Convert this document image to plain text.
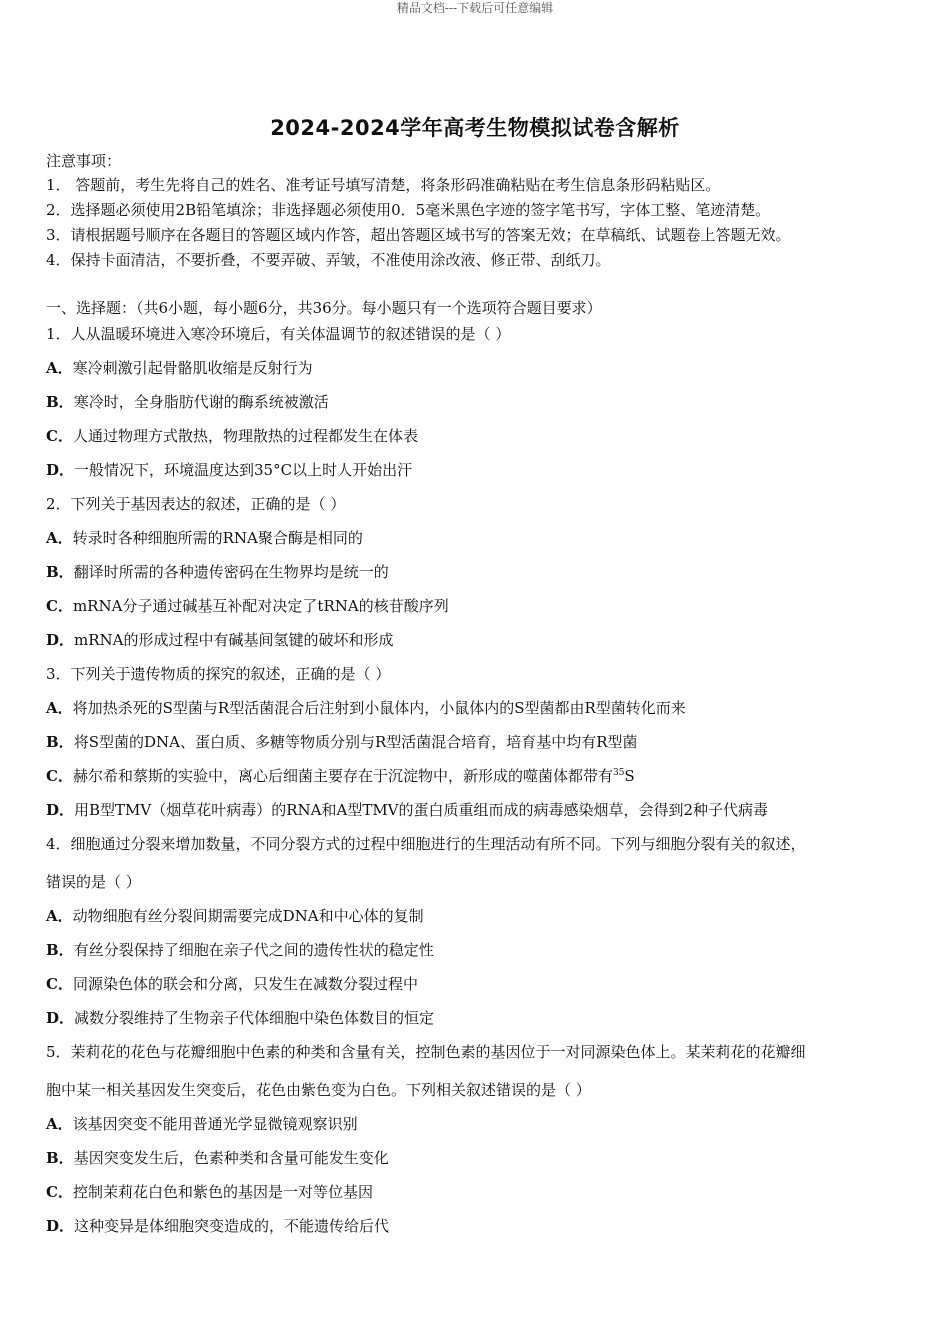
精品文档---下载后可任意编辑
2024-2024学年高考生物模拟试卷含解析
注意事项：
1． 答题前，考生先将自己的姓名、准考证号填写清楚，将条形码准确粘贴在考生信息条形码粘贴区。
2．选择题必须使用2B铅笔填涂；非选择题必须使用0．5毫米黑色字迹的签字笔书写，字体工整、笔迹清楚。
3．请根据题号顺序在各题目的答题区域内作答，超出答题区域书写的答案无效；在草稿纸、试题卷上答题无效。
4．保持卡面清洁，不要折叠，不要弄破、弄皱，不准使用涂改液、修正带、刮纸刀。
一、选择题：（共6小题，每小题6分，共36分。每小题只有一个选项符合题目要求）
1．人从温暖环境进入寒冷环境后，有关体温调节的叙述错误的是（ ）
A．寒冷刺激引起骨骼肌收缩是反射行为
B．寒冷时，全身脂肪代谢的酶系统被激活
C．人通过物理方式散热，物理散热的过程都发生在体表
D．一般情况下，环境温度达到35°C以上时人开始出汗
2．下列关于基因表达的叙述，正确的是（ ）
A．转录时各种细胞所需的RNA聚合酶是相同的
B．翻译时所需的各种遗传密码在生物界均是统一的
C．mRNA分子通过碱基互补配对决定了tRNA的核苷酸序列
D．mRNA的形成过程中有碱基间氢键的破坏和形成
3．下列关于遗传物质的探究的叙述，正确的是（ ）
A．将加热杀死的S型菌与R型活菌混合后注射到小鼠体内，小鼠体内的S型菌都由R型菌转化而来
B．将S型菌的DNA、蛋白质、多糖等物质分别与R型活菌混合培育，培育基中均有R型菌
C．赫尔希和蔡斯的实验中，离心后细菌主要存在于沉淀物中，新形成的噬菌体都带有$^{35}$S
D．用B型TMV（烟草花叶病毒）的RNA和A型TMV的蛋白质重组而成的病毒感染烟草，会得到2种子代病毒
4．细胞通过分裂来增加数量，不同分裂方式的过程中细胞进行的生理活动有所不同。下列与细胞分裂有关的叙述，
错误的是（ ）
A．动物细胞有丝分裂间期需要完成DNA和中心体的复制
B．有丝分裂保持了细胞在亲子代之间的遗传性状的稳定性
C．同源染色体的联会和分离，只发生在减数分裂过程中
D．减数分裂维持了生物亲子代体细胞中染色体数目的恒定
5．茉莉花的花色与花瓣细胞中色素的种类和含量有关，控制色素的基因位于一对同源染色体上。某茉莉花的花瓣细
胞中某一相关基因发生突变后，花色由紫色变为白色。下列相关叙述错误的是（ ）
A．该基因突变不能用普通光学显微镜观察识别
B．基因突变发生后，色素种类和含量可能发生变化
C．控制茉莉花白色和紫色的基因是一对等位基因
D．这种变异是体细胞突变造成的，不能遗传给后代
